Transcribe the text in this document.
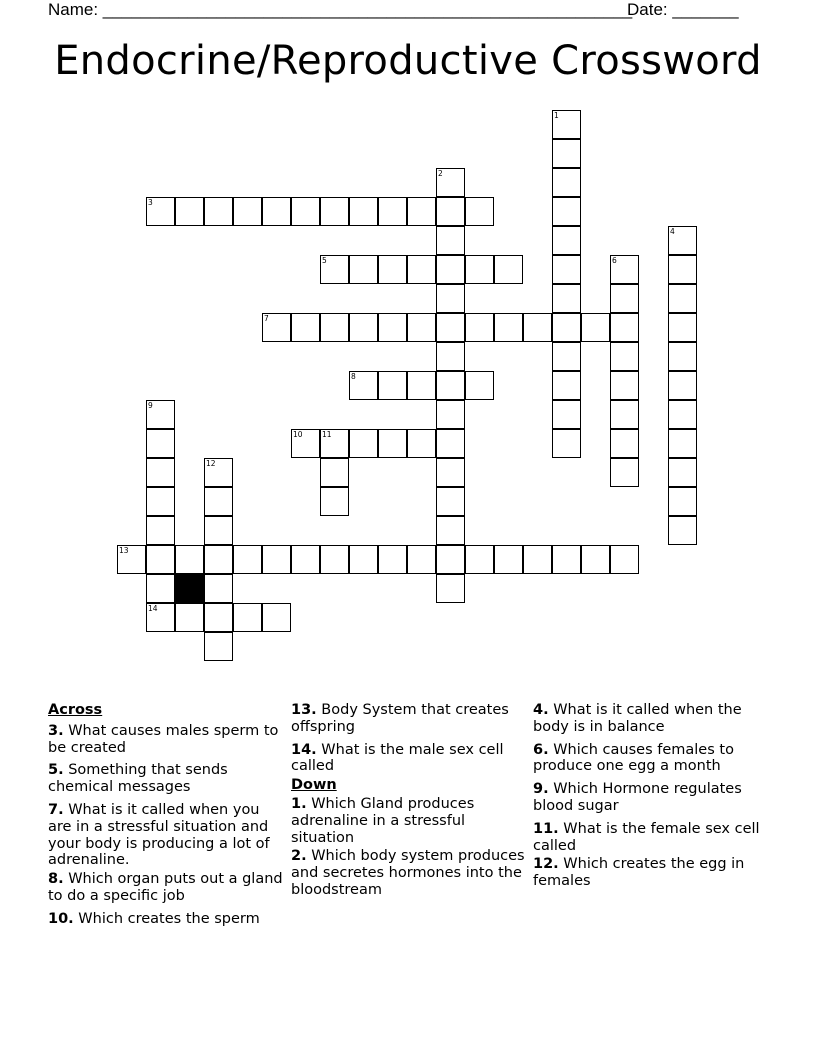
Name: ________________________________________________________
Date: _______
Endocrine/Reproductive Crossword
1
2
3
4
5	6
7
8
9
10	11
12
13
14
Across
3. What causes males sperm to be created
5. Something that sends chemical messages
7. What is it called when you are in a stressful situation and your body is producing a lot of adrenaline.
8. Which organ puts out a gland to do a specific job
10. Which creates the sperm
13. Body System that creates offspring
14. What is the male sex cell called
Down
1. Which Gland produces adrenaline in a stressful situation
2. Which body system produces and secretes hormones into the bloodstream
4. What is it called when the body is in balance
6. Which causes females to produce one egg a month
9. Which Hormone regulates blood sugar
11. What is the female sex cell called
12. Which creates the egg in females
